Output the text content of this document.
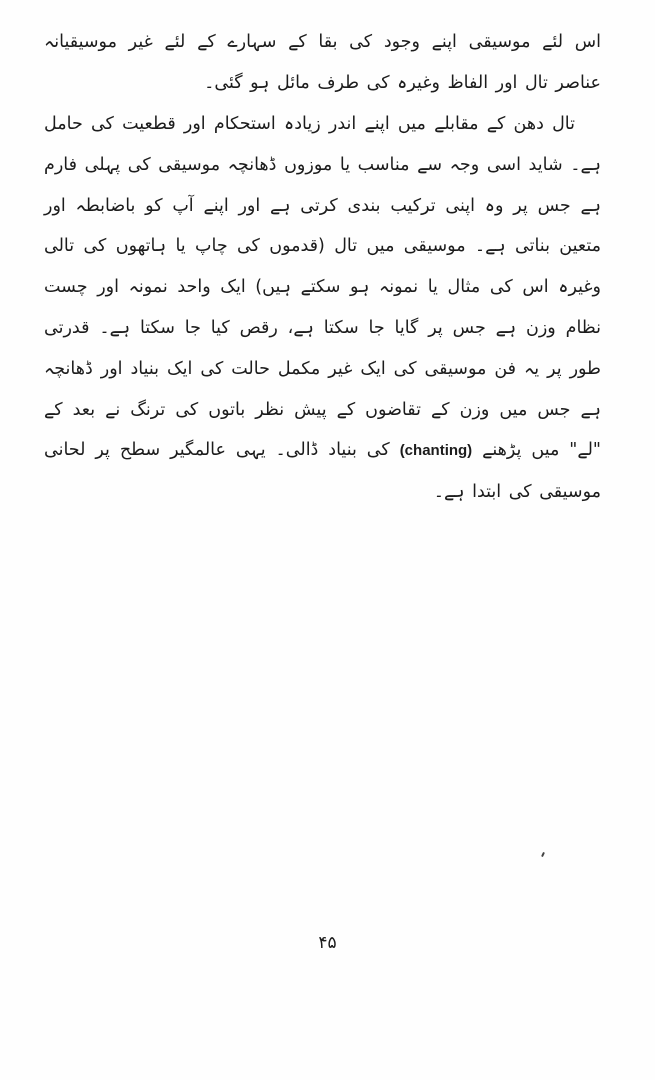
اس لئے موسیقی اپنے وجود کی بقا کے سہارے کے لئے غیر موسیقیانہ عناصر تال اور الفاظ وغیرہ کی طرف مائل ہو گئی۔

تال دھن کے مقابلے میں اپنے اندر زیادہ استحکام اور قطعیت کی حامل ہے۔ شاید اسی وجہ سے مناسب یا موزوں ڈھانچہ موسیقی کی پہلی فارم ہے جس پر وہ اپنی ترکیب بندی کرتی ہے اور اپنے آپ کو باضابطہ اور متعین بناتی ہے۔ موسیقی میں تال (قدموں کی چاپ یا ہاتھوں کی تالی وغیرہ اس کی مثال یا نمونہ ہو سکتے ہیں) ایک واحد نمونہ اور چست نظام وزن ہے جس پر گایا جا سکتا ہے، رقص کیا جا سکتا ہے۔ قدرتی طور پر یہ فن موسیقی کی ایک غیر مکمل حالت کی ایک بنیاد اور ڈھانچہ ہے جس میں وزن کے تقاضوں کے پیش نظر باتوں کی ترنگ نے بعد کے "لے" میں پڑھنے (chanting) کی بنیاد ڈالی۔ یہی عالمگیر سطح پر لحانی موسیقی کی ابتدا ہے۔

۴۵
